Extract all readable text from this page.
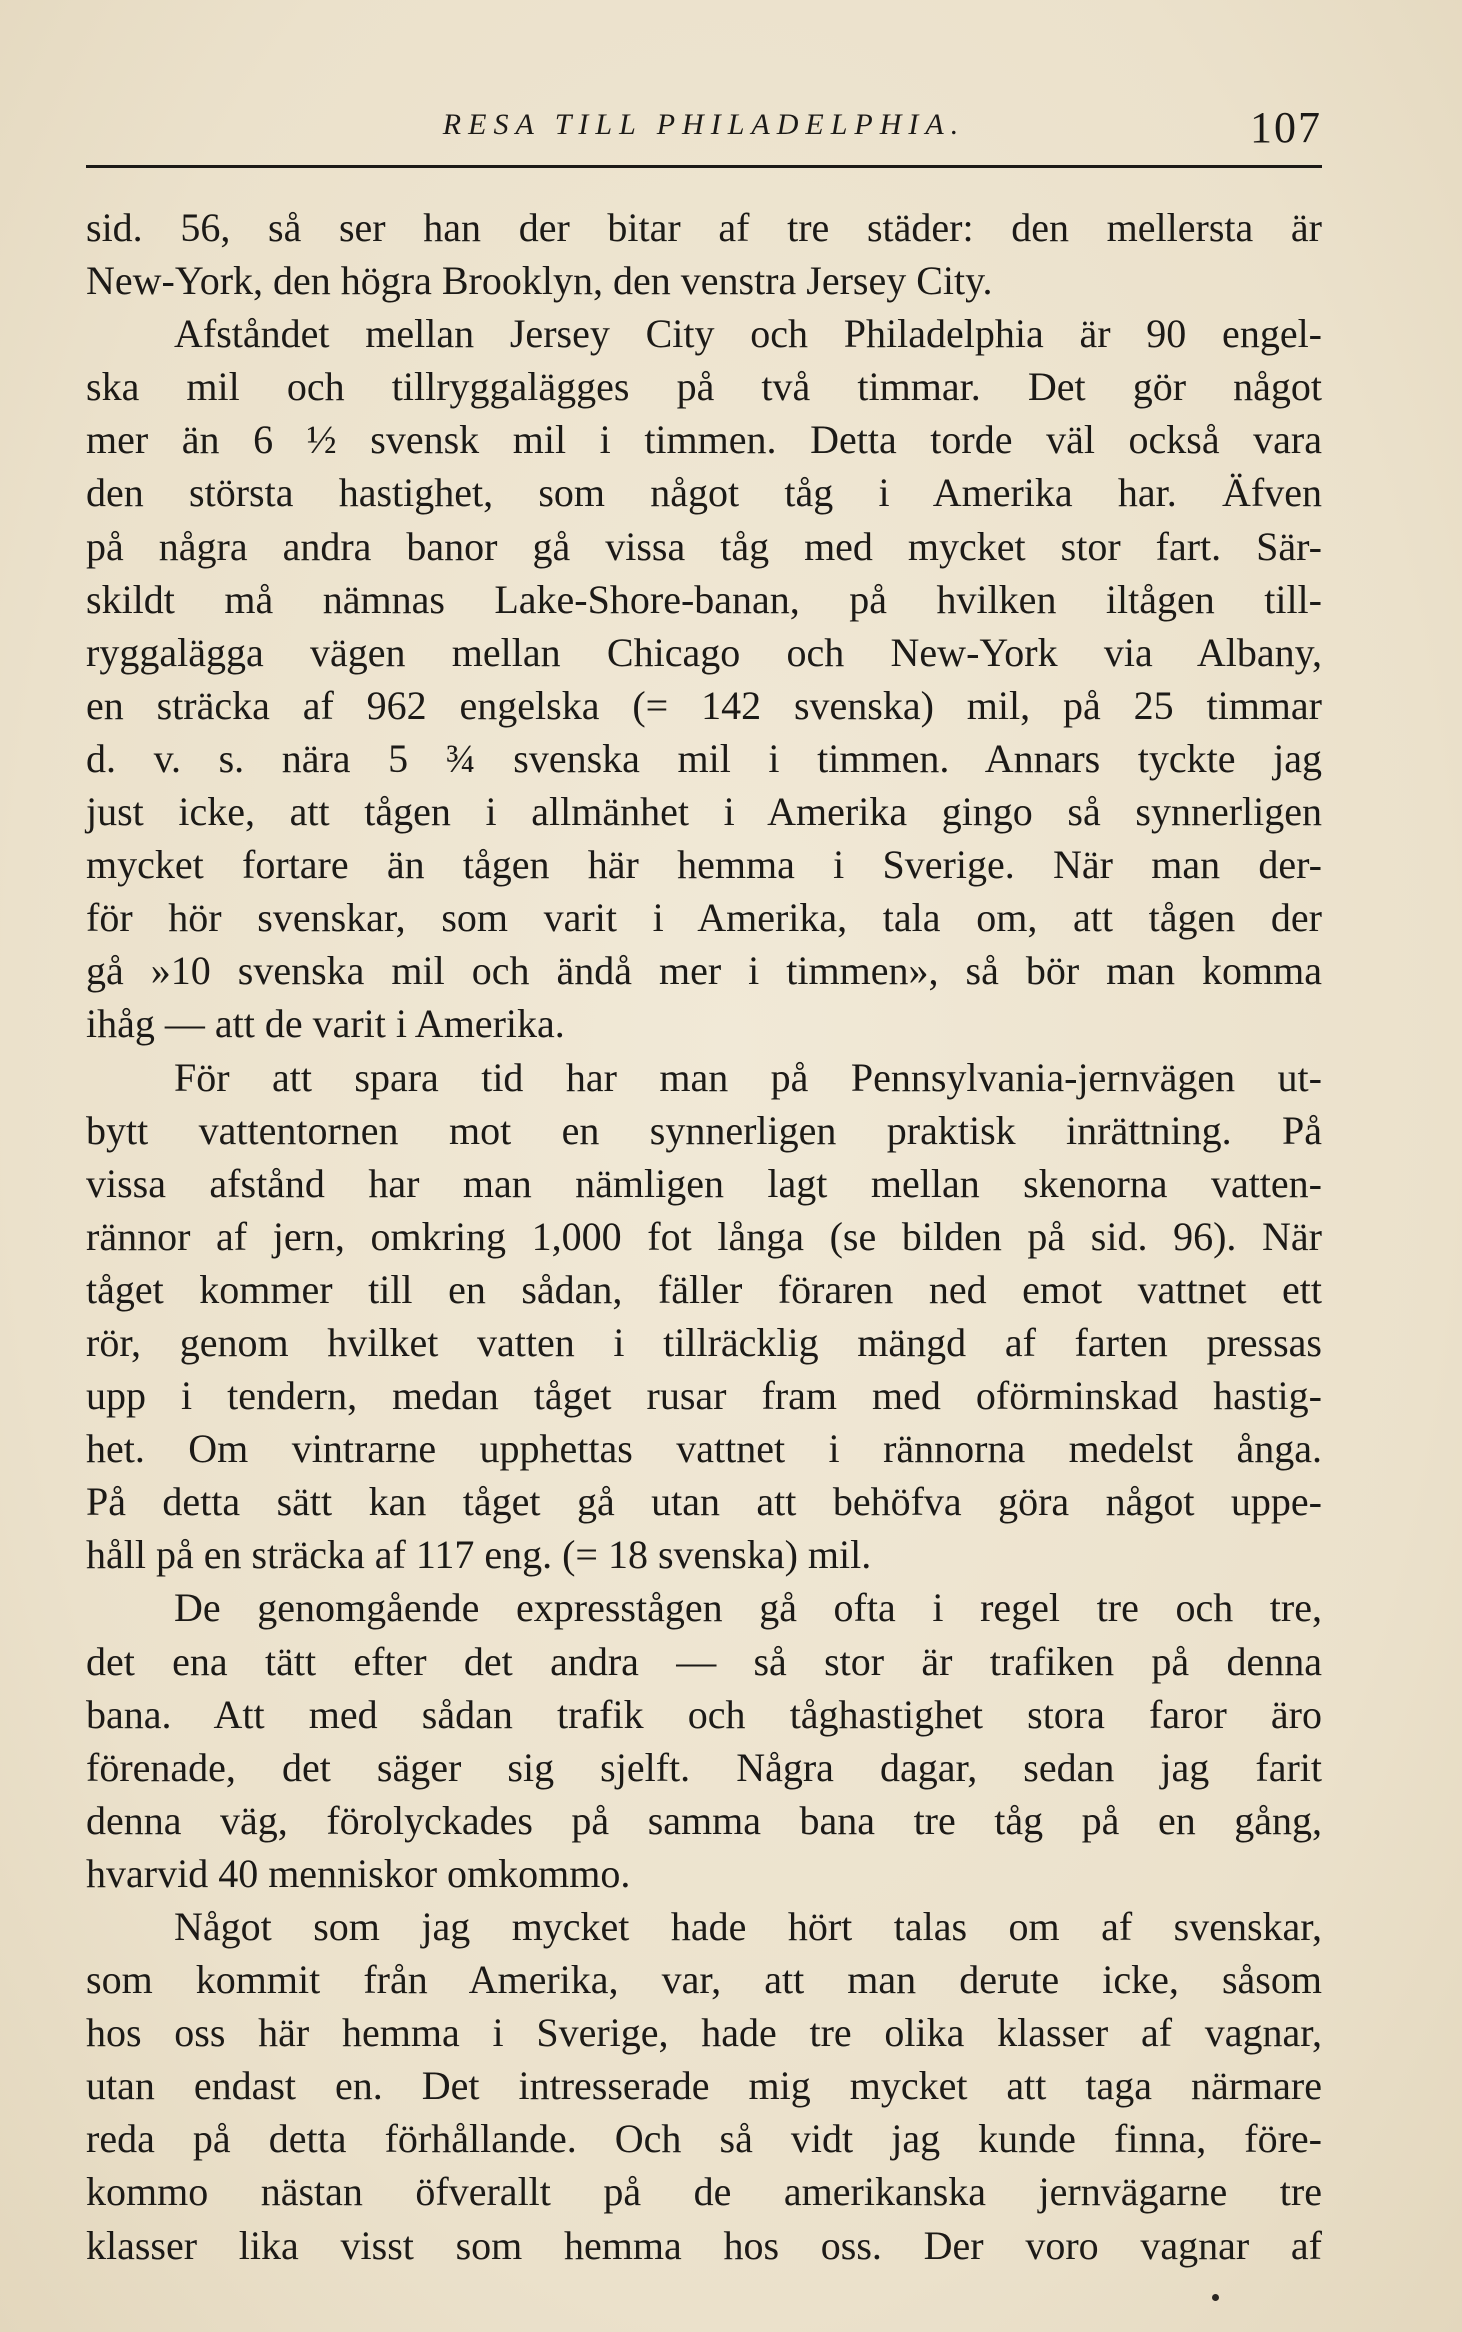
RESA TILL PHILADELPHIA.	107
sid. 56, så ser han der bitar af tre städer: den mellersta är
New-York, den högra Brooklyn, den venstra Jersey City.
Afståndet mellan Jersey City och Philadelphia är 90 engel-
ska mil och tillryggalägges på två timmar. Det gör något
mer än 6 ½ svensk mil i timmen. Detta torde väl också vara
den största hastighet, som något tåg i Amerika har. Äfven
på några andra banor gå vissa tåg med mycket stor fart. Sär-
skildt må nämnas Lake-Shore-banan, på hvilken iltågen till-
ryggalägga vägen mellan Chicago och New-York via Albany,
en sträcka af 962 engelska (= 142 svenska) mil, på 25 timmar
d. v. s. nära 5 ¾ svenska mil i timmen. Annars tyckte jag
just icke, att tågen i allmänhet i Amerika gingo så synnerligen
mycket fortare än tågen här hemma i Sverige. När man der-
för hör svenskar, som varit i Amerika, tala om, att tågen der
gå »10 svenska mil och ändå mer i timmen», så bör man komma
ihåg — att de varit i Amerika.
För att spara tid har man på Pennsylvania-jernvägen ut-
bytt vattentornen mot en synnerligen praktisk inrättning. På
vissa afstånd har man nämligen lagt mellan skenorna vatten-
rännor af jern, omkring 1,000 fot långa (se bilden på sid. 96). När
tåget kommer till en sådan, fäller föraren ned emot vattnet ett
rör, genom hvilket vatten i tillräcklig mängd af farten pressas
upp i tendern, medan tåget rusar fram med oförminskad hastig-
het. Om vintrarne upphettas vattnet i rännorna medelst ånga.
På detta sätt kan tåget gå utan att behöfva göra något uppe-
håll på en sträcka af 117 eng. (= 18 svenska) mil.
De genomgående expresstågen gå ofta i regel tre och tre,
det ena tätt efter det andra — så stor är trafiken på denna
bana. Att med sådan trafik och tåghastighet stora faror äro
förenade, det säger sig sjelft. Några dagar, sedan jag farit
denna väg, förolyckades på samma bana tre tåg på en gång,
hvarvid 40 menniskor omkommo.
Något som jag mycket hade hört talas om af svenskar,
som kommit från Amerika, var, att man derute icke, såsom
hos oss här hemma i Sverige, hade tre olika klasser af vagnar,
utan endast en. Det intresserade mig mycket att taga närmare
reda på detta förhållande. Och så vidt jag kunde finna, före-
kommo nästan öfverallt på de amerikanska jernvägarne tre
klasser lika visst som hemma hos oss. Der voro vagnar af
